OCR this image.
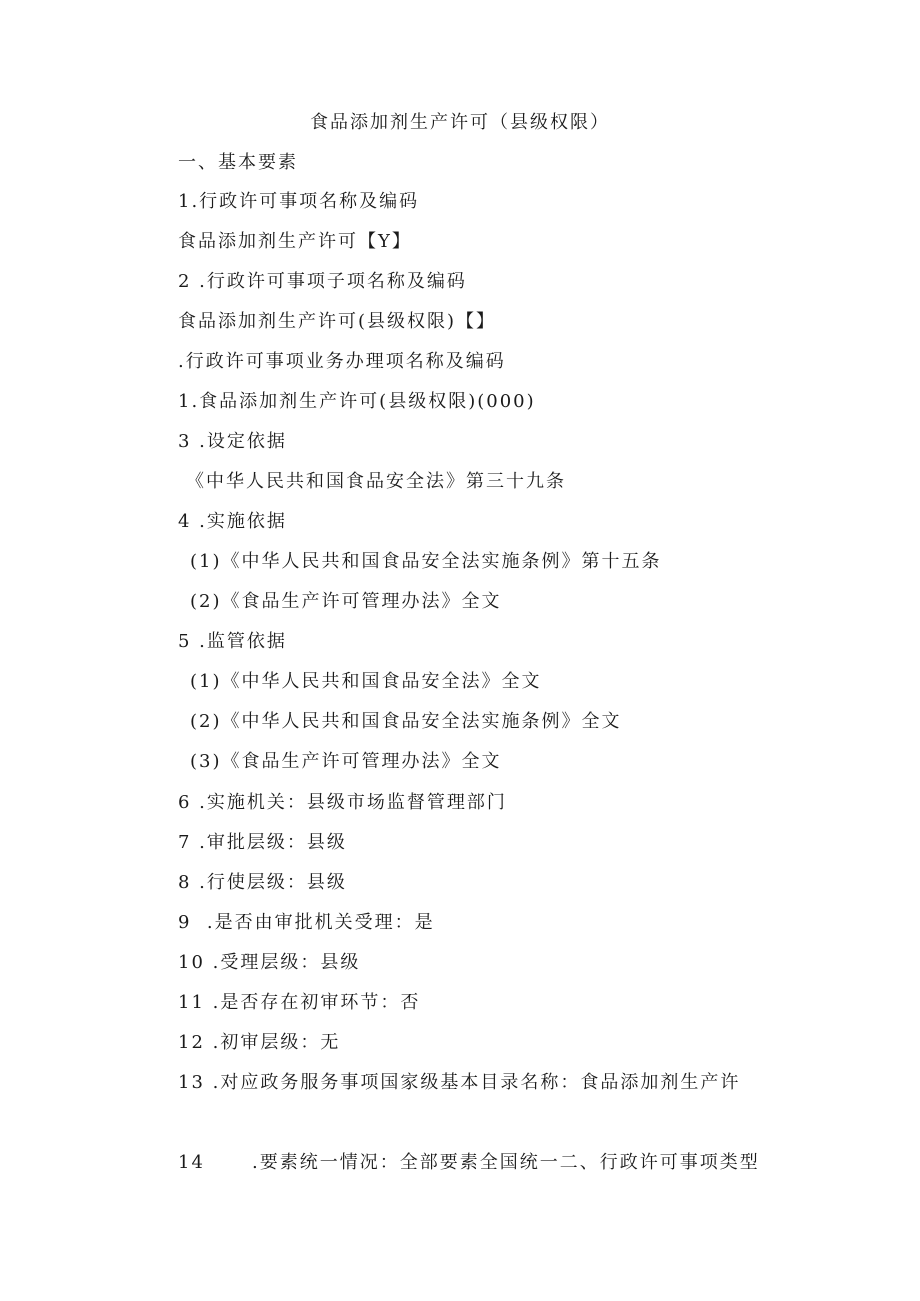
食品添加剂生产许可（县级权限）
一、基本要素
1.行政许可事项名称及编码
食品添加剂生产许可【Y】
2 .行政许可事项子项名称及编码
食品添加剂生产许可(县级权限)【】
.行政许可事项业务办理项名称及编码
1.食品添加剂生产许可(县级权限)(000)
3 .设定依据
《中华人民共和国食品安全法》第三十九条
4 .实施依据
(1)《中华人民共和国食品安全法实施条例》第十五条
(2)《食品生产许可管理办法》全文
5 .监管依据
(1)《中华人民共和国食品安全法》全文
(2)《中华人民共和国食品安全法实施条例》全文
(3)《食品生产许可管理办法》全文
6 .实施机关：县级市场监督管理部门
7 .审批层级：县级
8 .行使层级：县级
9  .是否由审批机关受理：是
10 .受理层级：县级
11 .是否存在初审环节：否
12 .初审层级：无
13 .对应政务服务事项国家级基本目录名称：食品添加剂生产许
14	.要素统一情况：全部要素全国统一二、行政许可事项类型
